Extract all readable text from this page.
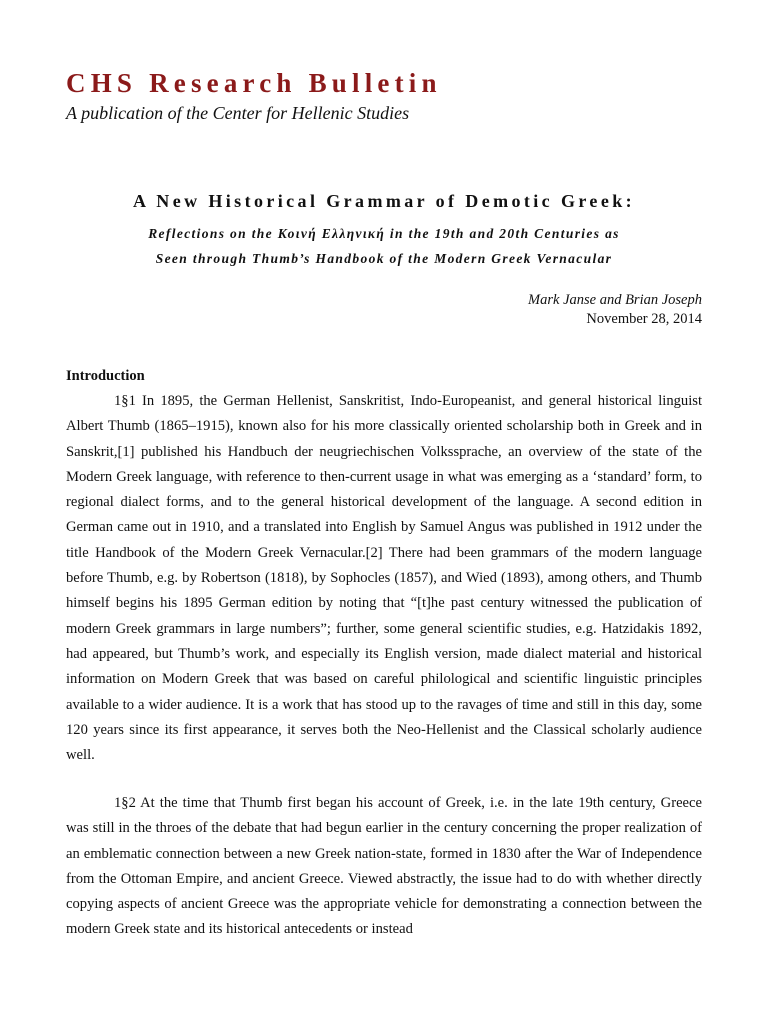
CHS Research Bulletin

A publication of the Center for Hellenic Studies

A New Historical Grammar of Demotic Greek:

Reflections on the Κοινή Ελληνική in the 19th and 20th Centuries as

Seen through Thumb’s Handbook of the Modern Greek Vernacular

Mark Janse and Brian Joseph

November 28, 2014

Introduction

1§1 In 1895, the German Hellenist, Sanskritist, Indo-Europeanist, and general historical linguist Albert Thumb (1865–1915), known also for his more classically oriented scholarship both in Greek and in Sanskrit,[1] published his Handbuch der neugriechischen Volkssprache, an overview of the state of the Modern Greek language, with reference to then-current usage in what was emerging as a ‘standard’ form, to regional dialect forms, and to the general historical development of the language. A second edition in German came out in 1910, and a translated into English by Samuel Angus was published in 1912 under the title Handbook of the Modern Greek Vernacular.[2] There had been grammars of the modern language before Thumb, e.g. by Robertson (1818), by Sophocles (1857), and Wied (1893), among others, and Thumb himself begins his 1895 German edition by noting that “[t]he past century witnessed the publication of modern Greek grammars in large numbers”; further, some general scientific studies, e.g. Hatzidakis 1892, had appeared, but Thumb’s work, and especially its English version, made dialect material and historical information on Modern Greek that was based on careful philological and scientific linguistic principles available to a wider audience. It is a work that has stood up to the ravages of time and still in this day, some 120 years since its first appearance, it serves both the Neo-Hellenist and the Classical scholarly audience well.

1§2 At the time that Thumb first began his account of Greek, i.e. in the late 19th century, Greece was still in the throes of the debate that had begun earlier in the century concerning the proper realization of an emblematic connection between a new Greek nation-state, formed in 1830 after the War of Independence from the Ottoman Empire, and ancient Greece. Viewed abstractly, the issue had to do with whether directly copying aspects of ancient Greece was the appropriate vehicle for demonstrating a connection between the modern Greek state and its historical antecedents or instead
